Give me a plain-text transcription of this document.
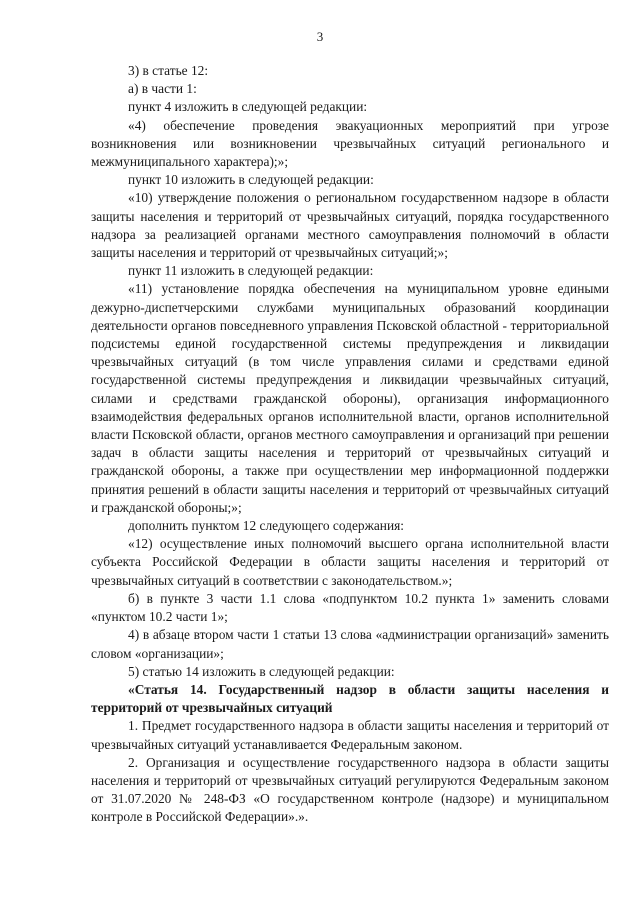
3

3) в статье 12:

а) в части 1:

пункт 4 изложить в следующей редакции:

«4) обеспечение проведения эвакуационных мероприятий при угрозе возникновения или возникновении чрезвычайных ситуаций регионального и межмуниципального характера);»;

пункт 10 изложить в следующей редакции:

«10) утверждение положения о региональном государственном надзоре в области защиты населения и территорий от чрезвычайных ситуаций, порядка государственного надзора за реализацией органами местного самоуправления полномочий в области защиты населения и территорий от чрезвычайных ситуаций;»;

пункт 11 изложить в следующей редакции:

«11) установление порядка обеспечения на муниципальном уровне едиными дежурно-диспетчерскими службами муниципальных образований координации деятельности органов повседневного управления Псковской областной - территориальной подсистемы единой государственной системы предупреждения и ликвидации чрезвычайных ситуаций (в том числе управления силами и средствами единой государственной системы предупреждения и ликвидации чрезвычайных ситуаций, силами и средствами гражданской обороны), организация информационного взаимодействия федеральных органов исполнительной власти, органов исполнительной власти Псковской области, органов местного самоуправления и организаций при решении задач в области защиты населения и территорий от чрезвычайных ситуаций и гражданской обороны, а также при осуществлении мер информационной поддержки принятия решений в области защиты населения и территорий от чрезвычайных ситуаций и гражданской обороны;»;

дополнить пунктом 12 следующего содержания:

«12) осуществление иных полномочий высшего органа исполнительной власти субъекта Российской Федерации в области защиты населения и территорий от чрезвычайных ситуаций в соответствии с законодательством.»;

б) в пункте 3 части 1.1 слова «подпунктом 10.2 пункта 1» заменить словами «пунктом 10.2 части 1»;

4) в абзаце втором части 1 статьи 13 слова «администрации организаций» заменить словом «организации»;

5) статью 14 изложить в следующей редакции:

«Статья 14. Государственный надзор в области защиты населения и территорий от чрезвычайных ситуаций

1. Предмет государственного надзора в области защиты населения и территорий от чрезвычайных ситуаций устанавливается Федеральным законом.

2. Организация и осуществление государственного надзора в области защиты населения и территорий от чрезвычайных ситуаций регулируются Федеральным законом от 31.07.2020 № 248-ФЗ «О государственном контроле (надзоре) и муниципальном контроле в Российской Федерации».».
